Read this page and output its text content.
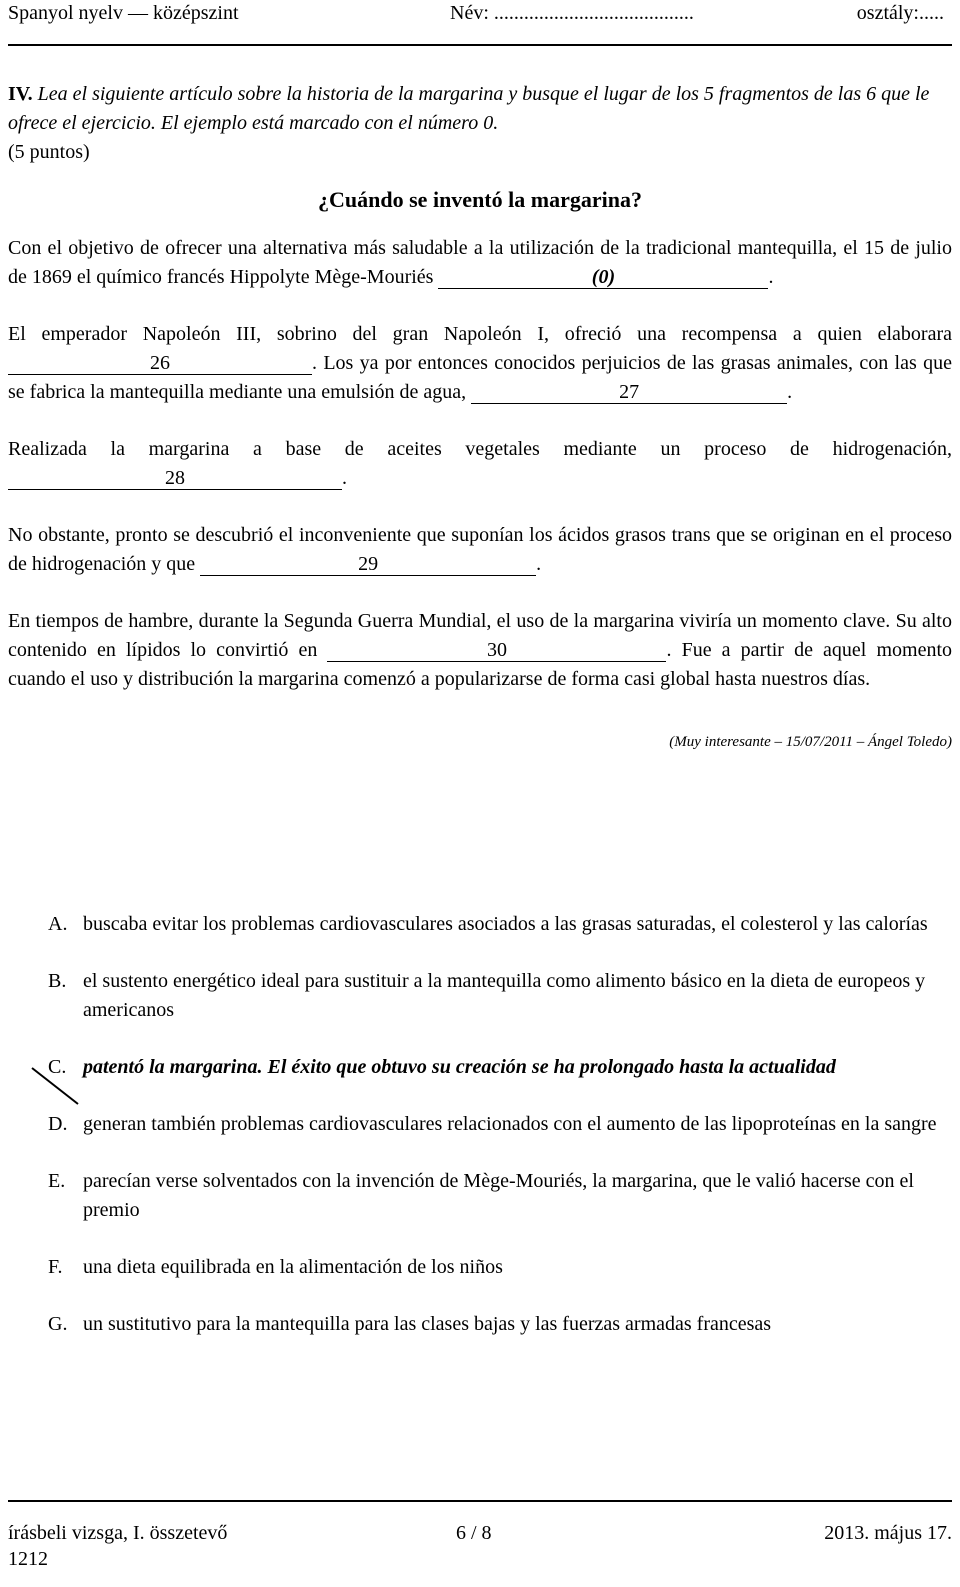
Spanyol nyelv — középszint	Név: ........................................	osztály:.....

IV. Lea el siguiente artículo sobre la historia de la margarina y busque el lugar de los 5 fragmentos de las 6 que le ofrece el ejercicio. El ejemplo está marcado con el número 0.

(5 puntos)

¿Cuándo se inventó la margarina?

Con el objetivo de ofrecer una alternativa más saludable a la utilización de la tradicional mantequilla, el 15 de julio de 1869 el químico francés Hippolyte Mège-Mouriés	(0)	.

El emperador Napoleón III, sobrino del gran Napoleón I, ofreció una recompensa a quien elaborara 26	. Los ya por entonces conocidos perjuicios de las grasas animales, con las que se fabrica la mantequilla mediante una emulsión de agua,	27	.

Realizada la margarina a base de aceites vegetales mediante un proceso de hidrogenación, 28	.

No obstante, pronto se descubrió el inconveniente que suponían los ácidos grasos trans que se originan en el proceso de hidrogenación y que	29	.

En tiempos de hambre, durante la Segunda Guerra Mundial, el uso de la margarina viviría un momento clave. Su alto contenido en lípidos lo convirtió en	30	. Fue a partir de aquel momento cuando el uso y distribución la margarina comenzó a popularizarse de forma casi global hasta nuestros días.

(Muy interesante – 15/07/2011 – Ángel Toledo)
A. buscaba evitar los problemas cardiovasculares asociados a las grasas saturadas, el colesterol y las calorías
B. el sustento energético ideal para sustituir a la mantequilla como alimento básico en la dieta de europeos y americanos
C. patentó la margarina. El éxito que obtuvo su creación se ha prolongado hasta la actualidad
D. generan también problemas cardiovasculares relacionados con el aumento de las lipoproteínas en la sangre
E. parecían verse solventados con la invención de Mège-Mouriés, la margarina, que le valió hacerse con el premio
F.	una dieta equilibrada en la alimentación de los niños
G. un sustitutivo para la mantequilla para las clases bajas y las fuerzas armadas francesas
írásbeli vizsga, I. összetevő	6 / 8	2013. május 17.
1212
